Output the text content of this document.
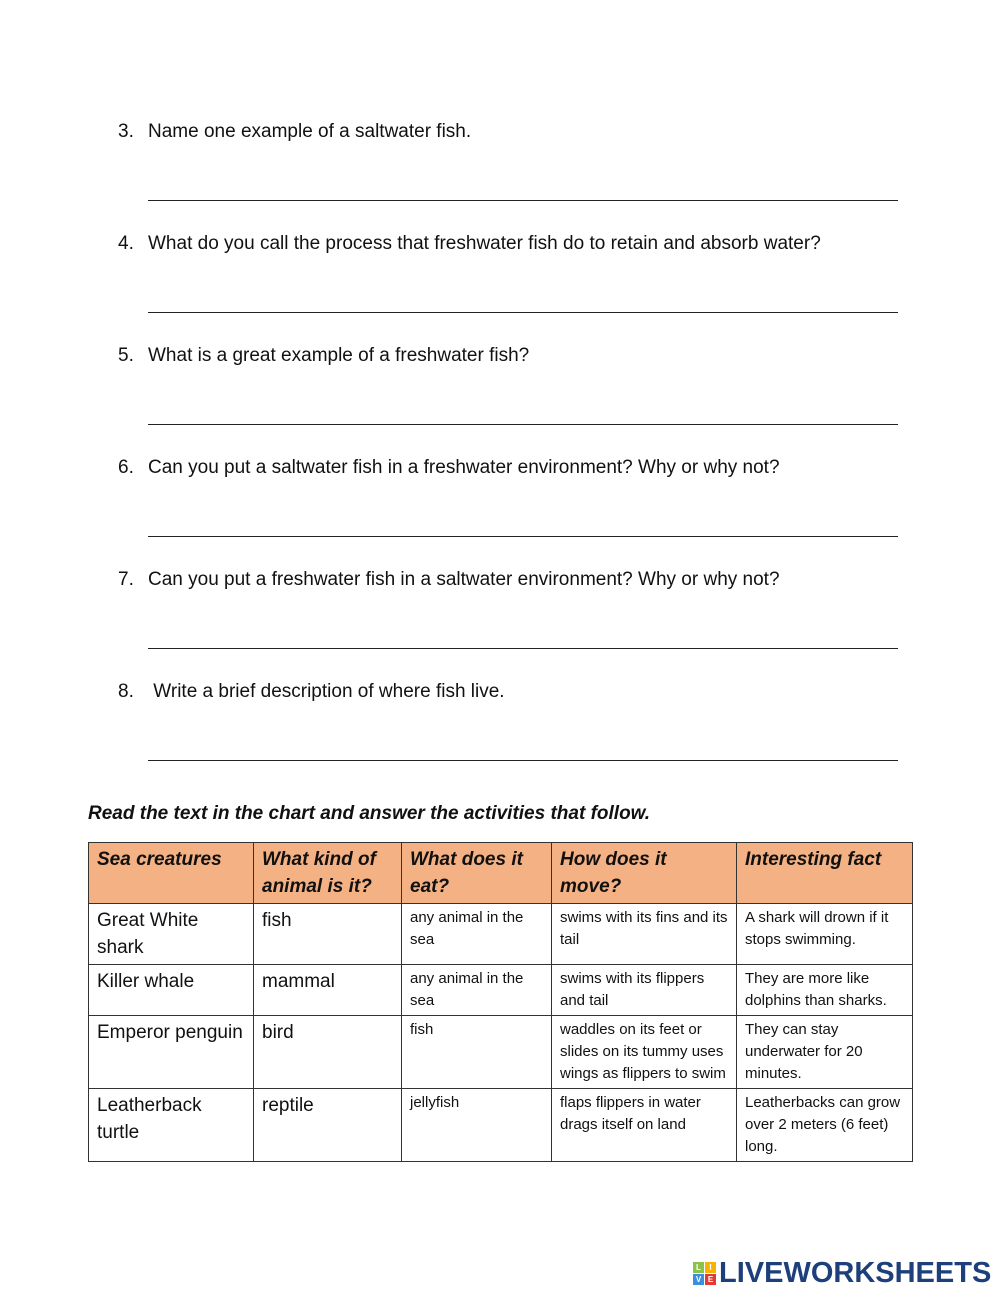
3. Name one example of a saltwater fish.
4. What do you call the process that freshwater fish do to retain and absorb water?
5. What is a great example of a freshwater fish?
6. Can you put a saltwater fish in a freshwater environment? Why or why not?
7. Can you put a freshwater fish in a saltwater environment? Why or why not?
8. Write a brief description of where fish live.
Read the text in the chart and answer the activities that follow.
Sea creatures	What kind of animal is it?	What does it eat?	How does it move?	Interesting fact
Great White shark	fish	any animal in the sea	swims with its fins and its tail	A shark will drown if it stops swimming.
Killer whale	mammal	any animal in the sea	swims with its flippers and tail	They are more like dolphins than sharks.
Emperor penguin	bird	fish	waddles on its feet or slides on its tummy uses wings as flippers to swim	They can stay underwater for 20 minutes.
Leatherback turtle	reptile	jellyfish	flaps flippers in water drags itself on land	Leatherbacks can grow over 2 meters (6 feet) long.
L	I
V E LIVEWORKSHEETS
